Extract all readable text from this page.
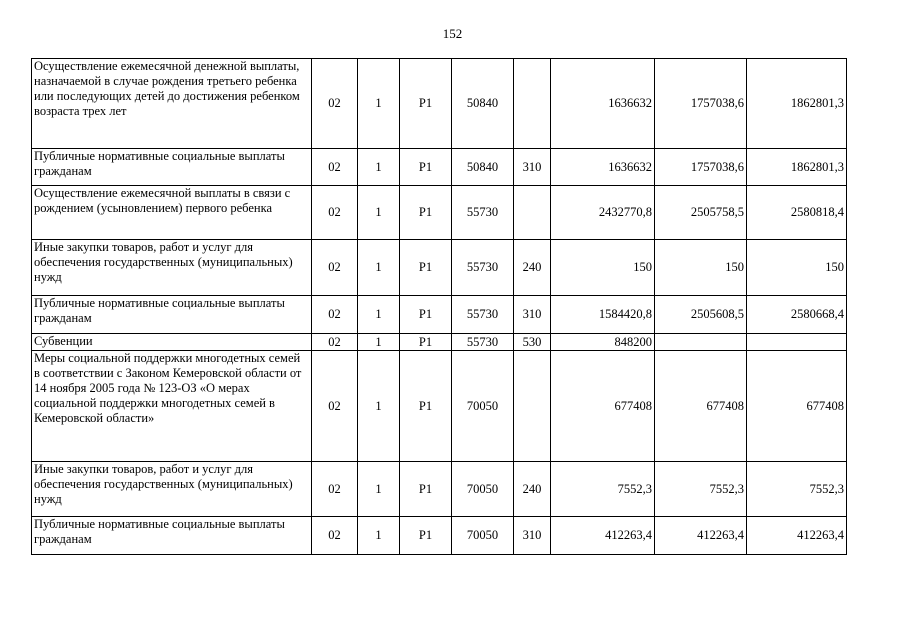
152
Осуществление ежемесячной денежной выплаты, назначаемой в случае рождения третьего ребенка или последующих детей до достижения ребенком возраста трех лет	02	1	Р1	50840		1636632	1757038,6	1862801,3
Публичные нормативные социальные выплаты гражданам	02	1	Р1	50840	310	1636632	1757038,6	1862801,3
Осуществление ежемесячной выплаты в связи с рождением (усыновлением) первого ребенка	02	1	Р1	55730		2432770,8	2505758,5	2580818,4
Иные закупки товаров, работ и услуг для обеспечения государственных (муниципальных) нужд	02	1	Р1	55730	240	150	150	150
Публичные нормативные социальные выплаты гражданам	02	1	Р1	55730	310	1584420,8	2505608,5	2580668,4
Субвенции	02	1	Р1	55730	530	848200		
Меры социальной поддержки многодетных семей в соответствии с Законом Кемеровской области от 14 ноября 2005 года № 123-ОЗ «О мерах социальной поддержки многодетных семей в Кемеровской области»	02	1	Р1	70050		677408	677408	677408
Иные закупки товаров, работ и услуг для обеспечения государственных (муниципальных) нужд	02	1	Р1	70050	240	7552,3	7552,3	7552,3
Публичные нормативные социальные выплаты гражданам	02	1	Р1	70050	310	412263,4	412263,4	412263,4
